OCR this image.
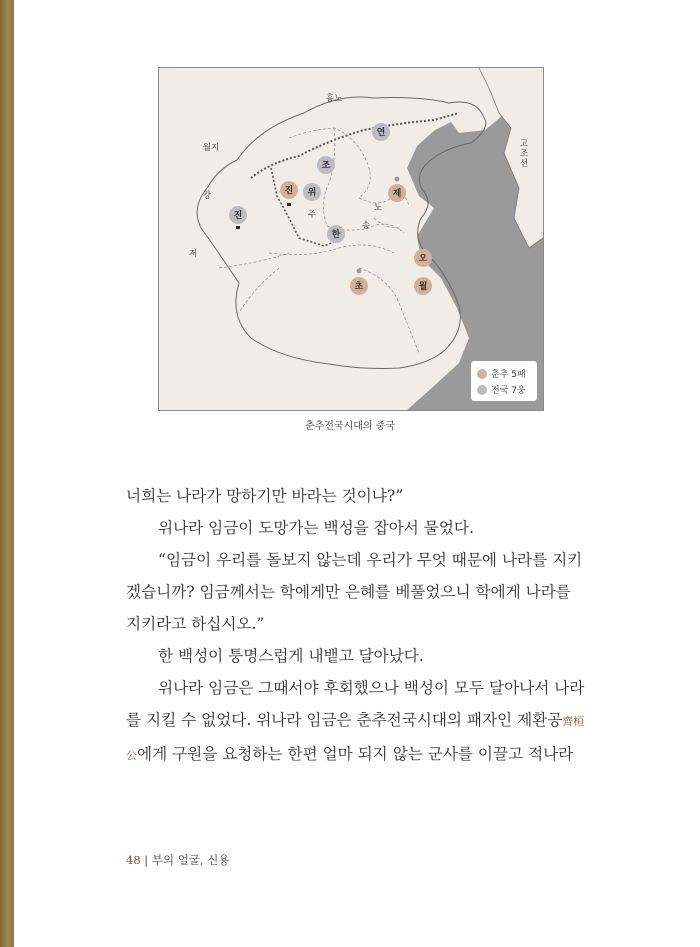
흉노
월지
강
저
주
노
송
고
조
선
연
조
진 위	제
진
한
오
초	월
춘추 5패
전국 7웅
춘추전국시대의 중국

너희는 나라가 망하기만 바라는 것이냐?”

위나라 임금이 도망가는 백성을 잡아서 물었다.

“임금이 우리를 돌보지 않는데 우리가 무엇 때문에 나라를 지키

겠습니까? 임금께서는 학에게만 은혜를 베풀었으니 학에게 나라를

지키라고 하십시오.”

한 백성이 퉁명스럽게 내뱉고 달아났다.

위나라 임금은 그때서야 후회했으나 백성이 모두 달아나서 나라

를 지킬 수 없었다. 위나라 임금은 춘추전국시대의 패자인 제환공齊桓

公에게 구원을 요청하는 한편 얼마 되지 않는 군사를 이끌고 적나라

48 | 부의 얼굴, 신용
